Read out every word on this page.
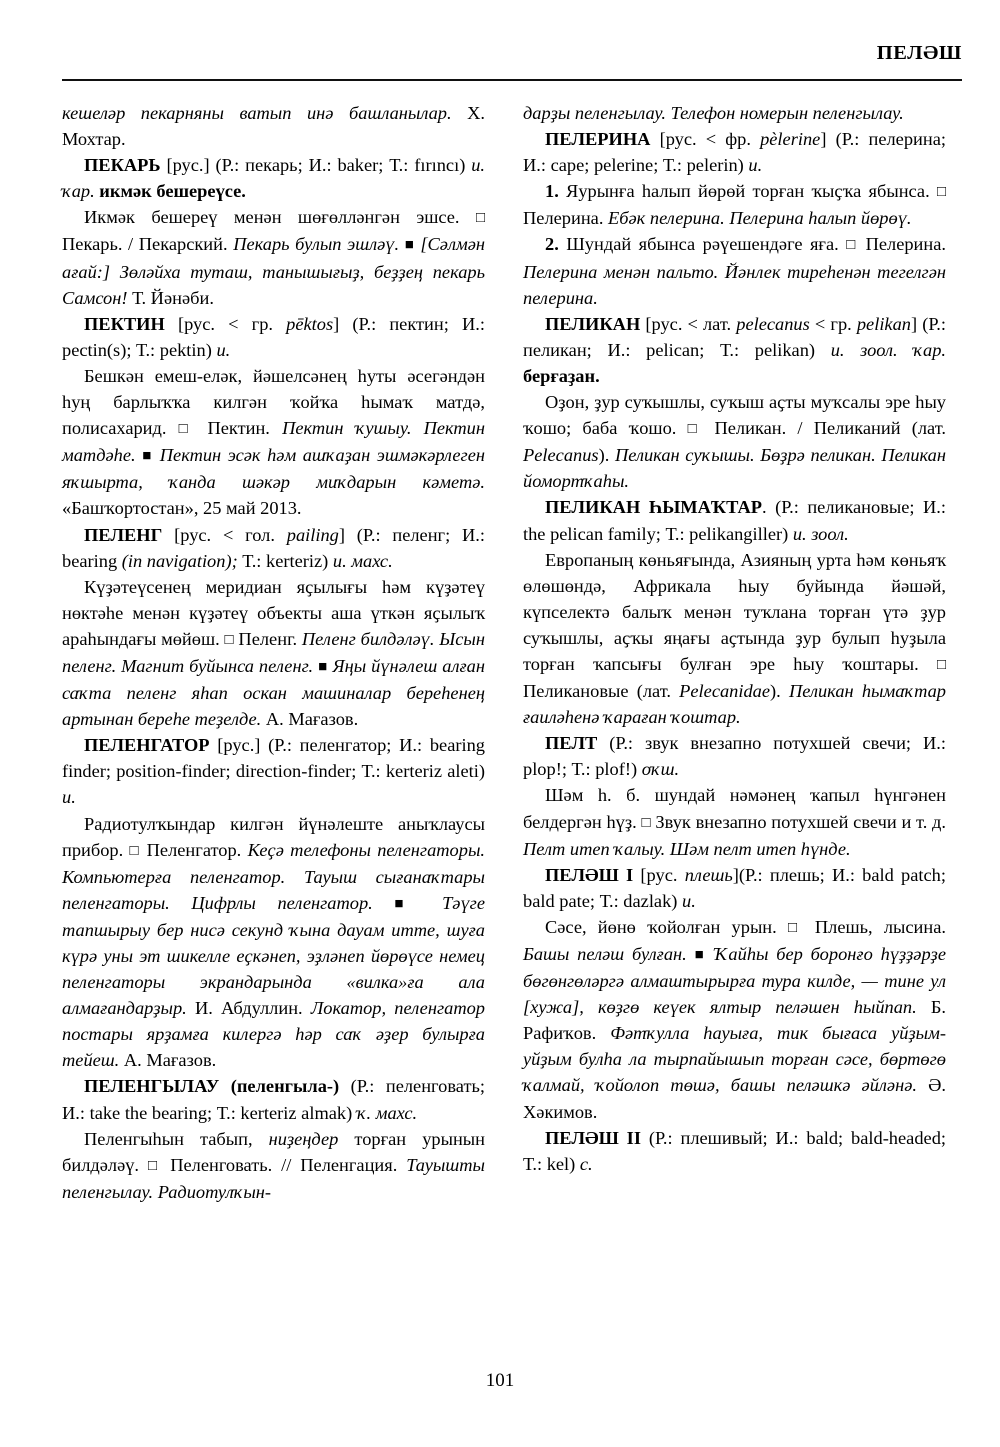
ПЕЛӘШ

кешеләр пекарняны ватып инә башланылар. Х. Мохтар.

ПЕКАРЬ [рус.] (Р.: пекарь; И.: baker; Т.: fırıncı) и. ҡар. икмәк бешереүсе.

Икмәк бешереү менән шөғөлләнгән эшсе. □ Пекарь. / Пекарский. Пекарь булып эшләү. ■ [Сәлмән ағай:] Зөләйха туташ, танышығыҙ, беҙҙең пекарь Самсон! Т. Йәнәби.

ПЕКТИН [рус. < гр. pēktos] (Р.: пектин; И.: pectin(s); Т.: pektin) и.

Бешкән емеш-еләк, йәшелсәнең һуты әсегәндән һуң барлыҡҡа килгән ҡойҡа һымаҡ матдә, полисахарид. □ Пектин. Пектин ҡушыу. Пектин матдәһе. ■ Пектин эсәк һәм ашҡаҙан эшмәкәрлеген яҡшырта, ҡанда шәкәр миҡдарын кәметә. «Башҡортостан», 25 май 2013.

ПЕЛЕНГ [рус. < гол. pailing] (Р.: пеленг; И.: bearing (in navigation); Т.: kerteriz) и. махс.

Күҙәтеүсенең меридиан яҫылығы һәм күҙәтеү нөктәһе менән күҙәтеү объекты аша үткән яҫылыҡ араһындағы мөйөш. □ Пеленг. Пеленг билдәләү. Ысын пеленг. Магнит буйынса пеленг. ■ Яңы йүнәлеш алған саҡта пеленг яһап оскан машиналар береһенең артынан береһе теҙелде. А. Мағазов.

ПЕЛЕНГАТОР [рус.] (Р.: пеленгатор; И.: bearing finder; position-finder; direction-finder; Т.: kerteriz aleti) и.

Радиотулҡындар килгән йүнәлеште аныҡлаусы прибор. □ Пеленгатор. Кеҫә телефоны пеленгаторы. Компьютерға пеленгатор. Тауыш сығанаҡтары пеленгаторы. Цифрлы пеленгатор. ■ Тәүге тапшырыу бер нисә секунд ҡына дауам итте, шуға күрә уны эт шикелле еҫкәнеп, эҙләнеп йөрөүсе немец пеленгаторы экрандарында «вилка»ға ала алмағандарҙыр. И. Абдуллин. Локатор, пеленгатор постары ярҙамға килергә һәр саҡ әҙер булырға тейеш. А. Мағазов.

ПЕЛЕНГЫЛАУ (пеленгыла-) (Р.: пеленговать; И.: take the bearing; Т.: kerteriz almak) ҡ. махс.

Пеленгыһын табып, ниҙеңдер торған урынын билдәләү. □ Пеленговать. // Пеленгация. Тауышты пеленгылау. Радиотулҡын-

дарҙы пеленгылау. Телефон номерын пеленгылау.

ПЕЛЕРИНА [рус. < фр. pèlerine] (Р.: пелерина; И.: cape; pelerine; Т.: pelerin) и.

1. Яурынға һалып йөрөй торған ҡыҫҡа ябынса. □ Пелерина. Ебәк пелерина. Пелерина һалып йөрөү.

2. Шундай ябынса рәүешендәге яға. □ Пелерина. Пелерина менән пальто. Йәнлек тиреһенән тегелгән пелерина.

ПЕЛИКАН [рус. < лат. pelecanus < гр. pelikan] (Р.: пеликан; И.: pelican; Т.: pelikan) и. зоол. ҡар. берғаҙан.

Оҙон, ҙур суҡышлы, суҡыш аҫты муҡсалы эре һыу ҡошо; баба ҡошо. □ Пеликан. / Пеликаний (лат. Pelecanus). Пеликан суҡышы. Бөҙрә пеликан. Пеликан йомортҡаһы.

ПЕЛИКАН ҺЫМАҠТАР. (Р.: пеликановые; И.: the pelican family; Т.: pelikangiller) и. зоол.

Европаның көньяғында, Азияның урта һәм көньяҡ өлөшөндә, Африкала һыу буйында йәшәй, күпселектә балыҡ менән туҡлана торған үтә ҙур суҡышлы, аҫҡы яңағы аҫтында ҙур булып һуҙыла торған ҡапсығы булған эре һыу ҡоштары. □ Пеликановые (лат. Pelecanidae). Пеликан һымаҡтар ғаиләһенә ҡараған ҡоштар.

ПЕЛТ (Р.: звук внезапно потухшей свечи; И.: plop!; Т.: plof!) оҡш.

Шәм һ. б. шундай нәмәнең ҡапыл һүнгәнен белдергән һүҙ. □ Звук внезапно потухшей свечи и т. д. Пелт итеп ҡалыу. Шәм пелт итеп һүнде.

ПЕЛӘШ I [рус. плешь](Р.: плешь; И.: bald patch; bald pate; Т.: dazlak) и.

Сәсе, йөнө ҡойолған урын. □ Плешь, лысина. Башы пеләш булған. ■ Ҡайһы бер боронғо һүҙҙәрҙе бөгөнгөләргә алмаштырырға тура килде, — тине ул [хужа], көҙгө кеүек ялтыр пеләшен һыйпап. Б. Рафиҡов. Фәтҡулла һауыға, тик бығаса уйҙым-уйҙым булһа ла тырпайышып торған сәсе, бөртөгө ҡалмай, ҡойолоп төшә, башы пеләшкә әйләнә. Ә. Хәкимов.

ПЕЛӘШ II (Р.: плешивый; И.: bald; bald-headed; Т.: kel) с.

101
